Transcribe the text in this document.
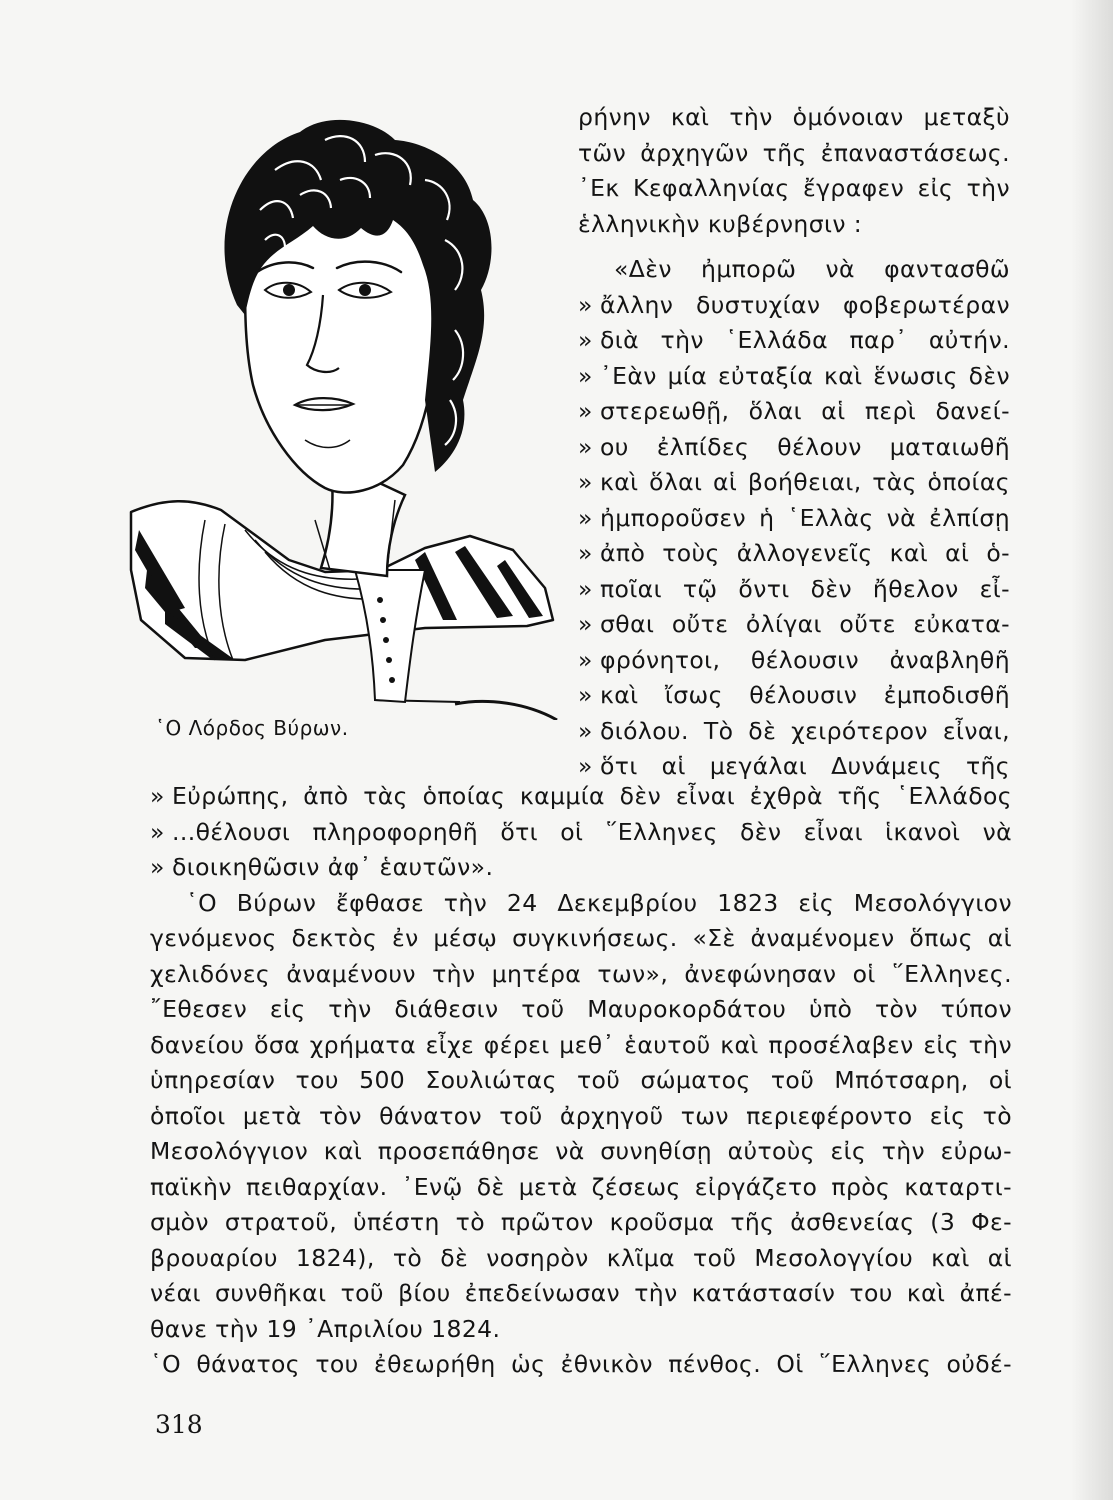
῾Ο Λόρδος Βύρων.
ρήνην καὶ τὴν ὁμόνοιαν μεταξὺ
τῶν ἀρχηγῶν τῆς ἐπαναστάσεως.
᾿Εκ Κεφαλληνίας ἔγραφεν εἰς τὴν
ἑλληνικὴν κυβέρνησιν :
«Δὲν ἠμπορῶ νὰ φαντασθῶ
» ἄλλην δυστυχίαν φοβερωτέραν
» διὰ τὴν ῾Ελλάδα παρ᾿ αὐτήν.
» ᾿Εὰν μία εὐταξία καὶ ἕνωσις δὲν
» στερεωθῇ, ὅλαι αἱ περὶ δανεί-
» ου ἐλπίδες θέλουν ματαιωθῆ
» καὶ ὅλαι αἱ βοήθειαι, τὰς ὁποίας
» ἠμποροῦσεν ἡ ῾Ελλὰς νὰ ἐλπίσῃ
» ἀπὸ τοὺς ἀλλογενεῖς καὶ αἱ ὁ-
» ποῖαι τῷ ὄντι δὲν ἤθελον εἶ-
» σθαι οὔτε ὀλίγαι οὔτε εὐκατα-
» φρόνητοι, θέλουσιν ἀναβληθῆ
» καὶ ἴσως θέλουσιν ἐμποδισθῆ
» διόλου. Τὸ δὲ χειρότερον εἶναι,
» ὅτι αἱ μεγάλαι Δυνάμεις τῆς
» Εὐρώπης, ἀπὸ τὰς ὁποίας καμμία δὲν εἶναι ἐχθρὰ τῆς ῾Ελλάδος
» ...θέλουσι πληροφορηθῆ ὅτι οἱ ῞Ελληνες δὲν εἶναι ἱκανοὶ νὰ
» διοικηθῶσιν ἀφ᾿ ἑαυτῶν».
῾Ο Βύρων ἔφθασε τὴν 24 Δεκεμβρίου 1823 εἰς Μεσολόγγιον
γενόμενος δεκτὸς ἐν μέσῳ συγκινήσεως. «Σὲ ἀναμένομεν ὅπως αἱ
χελιδόνες ἀναμένουν τὴν μητέρα των», ἀνεφώνησαν οἱ ῞Ελληνες.
῎Εθεσεν εἰς τὴν διάθεσιν τοῦ Μαυροκορδάτου ὑπὸ τὸν τύπον
δανείου ὅσα χρήματα εἶχε φέρει μεθ᾿ ἑαυτοῦ καὶ προσέλαβεν εἰς τὴν
ὑπηρεσίαν του 500 Σουλιώτας τοῦ σώματος τοῦ Μπότσαρη, οἱ
ὁποῖοι μετὰ τὸν θάνατον τοῦ ἀρχηγοῦ των περιεφέροντο εἰς τὸ
Μεσολόγγιον καὶ προσεπάθησε νὰ συνηθίσῃ αὐτοὺς εἰς τὴν εὐρω-
παϊκὴν πειθαρχίαν. ᾿Ενῷ δὲ μετὰ ζέσεως εἰργάζετο πρὸς καταρτι-
σμὸν στρατοῦ, ὑπέστη τὸ πρῶτον κροῦσμα τῆς ἀσθενείας (3 Φε-
βρουαρίου 1824), τὸ δὲ νοσηρὸν κλῖμα τοῦ Μεσολογγίου καὶ αἱ
νέαι συνθῆκαι τοῦ βίου ἐπεδείνωσαν τὴν κατάστασίν του καὶ ἀπέ-
θανε τὴν 19 ᾿Απριλίου 1824.
῾Ο θάνατος του ἐθεωρήθη ὡς ἐθνικὸν πένθος. Οἱ ῞Ελληνες οὐδέ-
318
